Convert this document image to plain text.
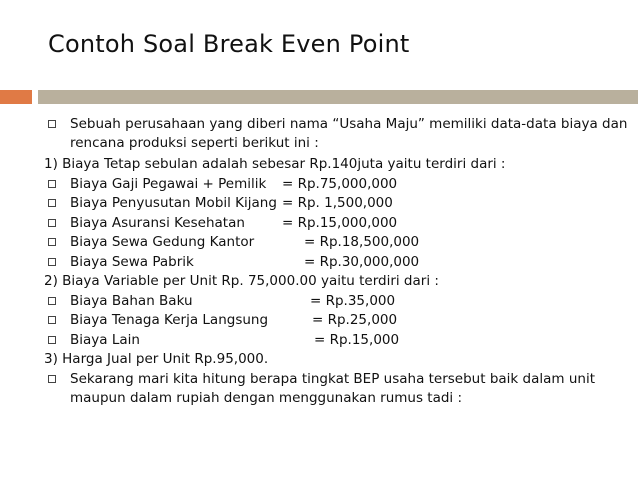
Contoh Soal Break Even Point
Sebuah perusahaan yang diberi nama “Usaha Maju” memiliki data-data biaya dan rencana produksi seperti berikut ini :
1) Biaya Tetap sebulan adalah sebesar Rp.140juta yaitu terdiri dari :
Biaya Gaji Pegawai + Pemilik = Rp.75,000,000
Biaya Penyusutan Mobil Kijang = Rp. 1,500,000
Biaya Asuransi Kesehatan	= Rp.15,000,000
Biaya Sewa Gedung Kantor	= Rp.18,500,000
Biaya Sewa Pabrik	= Rp.30,000,000
2) Biaya Variable per Unit Rp. 75,000.00 yaitu terdiri dari :
Biaya Bahan Baku	= Rp.35,000
Biaya Tenaga Kerja Langsung	= Rp.25,000
Biaya Lain	= Rp.15,000
3) Harga Jual per Unit Rp.95,000.
Sekarang mari kita hitung berapa tingkat BEP usaha tersebut baik dalam unit maupun dalam rupiah dengan menggunakan rumus tadi :
